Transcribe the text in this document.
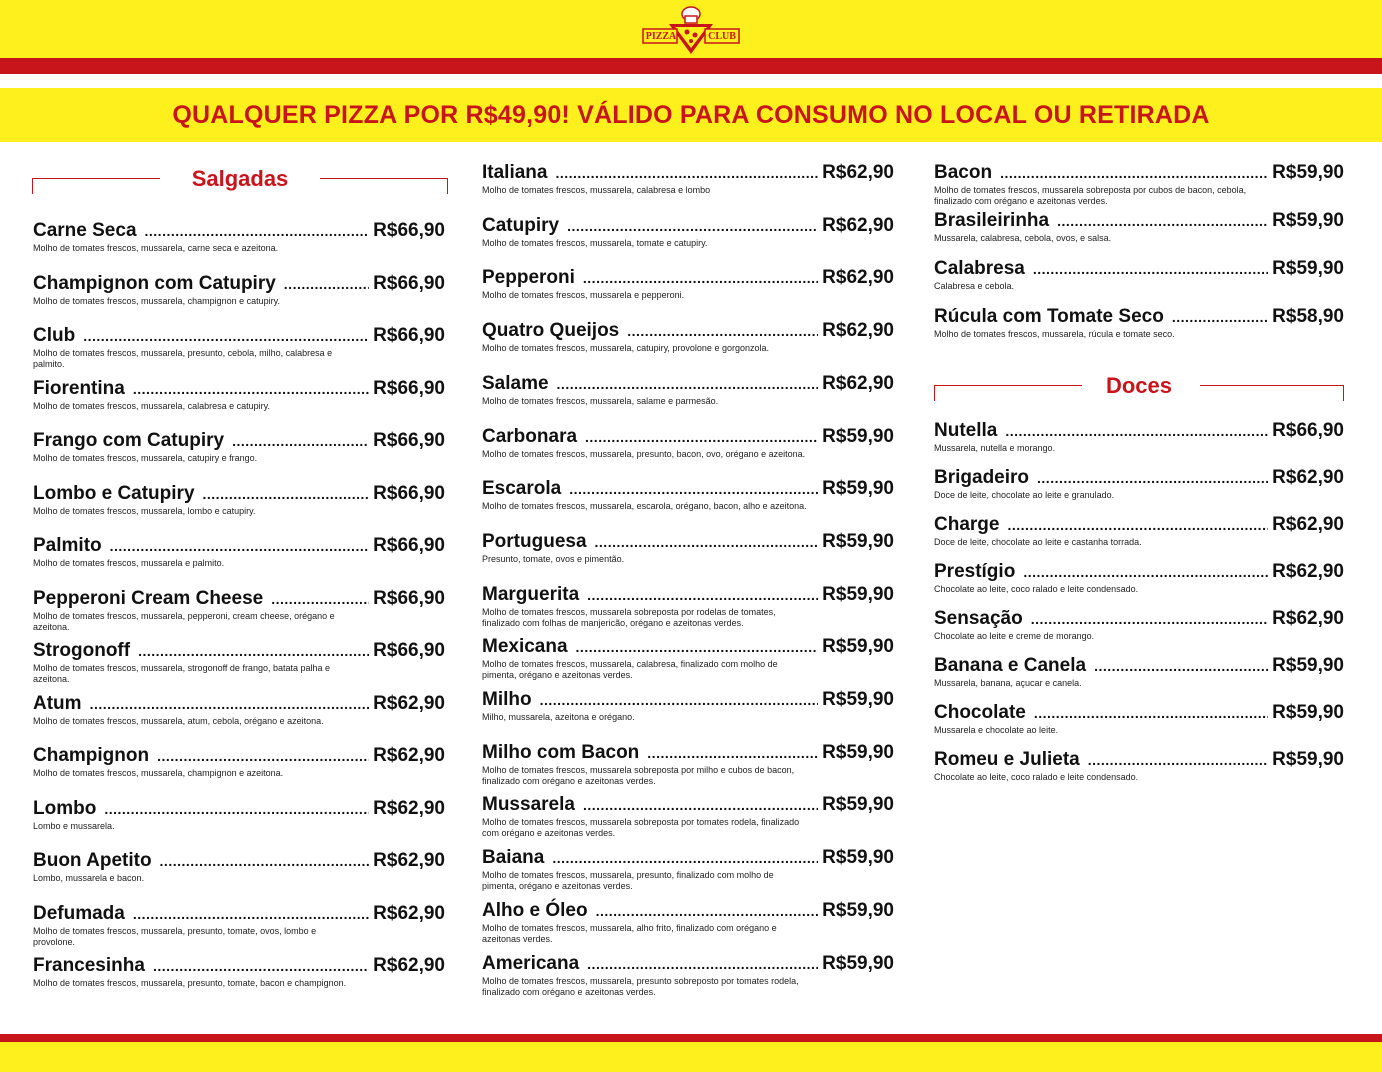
PIZZA	CLUB
QUALQUER PIZZA POR R$49,90! VÁLIDO PARA CONSUMO NO LOCAL OU RETIRADA
Salgadas
Doces
Carne Seca .....	R$66,90
Molho de tomates frescos, mussarela, carne seca e azeitona.
Champignon com Catupiry .....	R$66,90
Molho de tomates frescos, mussarela, champignon e catupiry.
Club .....	R$66,90
Molho de tomates frescos, mussarela, presunto, cebola, milho, calabresa e palmito.
Fiorentina .....	R$66,90
Molho de tomates frescos, mussarela, calabresa e catupiry.
Frango com Catupiry .....	R$66,90
Molho de tomates frescos, mussarela, catupiry e frango.
Lombo e Catupiry .....	R$66,90
Molho de tomates frescos, mussarela, lombo e catupiry.
Palmito .....	R$66,90
Molho de tomates frescos, mussarela e palmito.
Pepperoni Cream Cheese .....	R$66,90
Molho de tomates frescos, mussarela, pepperoni, cream cheese, orégano e azeitona.
Strogonoff .....	R$66,90
Molho de tomates frescos, mussarela, strogonoff de frango, batata palha e azeitona.
Atum .....	R$62,90
Molho de tomates frescos, mussarela, atum, cebola, orégano e azeitona.
Champignon .....	R$62,90
Molho de tomates frescos, mussarela, champignon e azeitona.
Lombo .....	R$62,90
Lombo e mussarela.
Buon Apetito .....	R$62,90
Lombo, mussarela e bacon.
Defumada .....	R$62,90
Molho de tomates frescos, mussarela, presunto, tomate, ovos, lombo e provolone.
Francesinha .....	R$62,90
Molho de tomates frescos, mussarela, presunto, tomate, bacon e champignon.
Italiana .....	R$62,90
Molho de tomates frescos, mussarela, calabresa e lombo
Catupiry .....	R$62,90
Molho de tomates frescos, mussarela, tomate e catupiry.
Pepperoni .....	R$62,90
Molho de tomates frescos, mussarela e pepperoni.
Quatro Queijos .....	R$62,90
Molho de tomates frescos, mussarela, catupiry, provolone e gorgonzola.
Salame .....	R$62,90
Molho de tomates frescos, mussarela, salame e parmesão.
Carbonara .....	R$59,90
Molho de tomates frescos, mussarela, presunto, bacon, ovo, orégano e azeitona.
Escarola .....	R$59,90
Molho de tomates frescos, mussarela, escarola, orégano, bacon, alho e azeitona.
Portuguesa .....	R$59,90
Presunto, tomate, ovos e pimentão.
Marguerita .....	R$59,90
Molho de tomates frescos, mussarela sobreposta por rodelas de tomates, finalizado com folhas de manjericão, orégano e azeitonas verdes.
Mexicana .....	R$59,90
Molho de tomates frescos, mussarela, calabresa, finalizado com molho de pimenta, orégano e azeitonas verdes.
Milho .....	R$59,90
Milho, mussarela, azeitona e orégano.
Milho com Bacon .....	R$59,90
Molho de tomates frescos, mussarela sobreposta por milho e cubos de bacon, finalizado com orégano e azeitonas verdes.
Mussarela .....	R$59,90
Molho de tomates frescos, mussarela sobreposta por tomates rodela, finalizado com orégano e azeitonas verdes.
Baiana .....	R$59,90
Molho de tomates frescos, mussarela, presunto, finalizado com molho de pimenta, orégano e azeitonas verdes.
Alho e Óleo .....	R$59,90
Molho de tomates frescos, mussarela, alho frito, finalizado com orégano e azeitonas verdes.
Americana .....	R$59,90
Molho de tomates frescos, mussarela, presunto sobreposto por tomates rodela, finalizado com orégano e azeitonas verdes.
Bacon .....	R$59,90
Molho de tomates frescos, mussarela sobreposta por cubos de bacon, cebola, finalizado com orégano e azeitonas verdes.
Brasileirinha .....	R$59,90
Mussarela, calabresa, cebola, ovos, e salsa.
Calabresa .....	R$59,90
Calabresa e cebola.
Rúcula com Tomate Seco .....	R$58,90
Molho de tomates frescos, mussarela, rúcula e tomate seco.
Nutella .....	R$66,90
Mussarela, nutella e morango.
Brigadeiro .....	R$62,90
Doce de leite, chocolate ao leite e granulado.
Charge .....	R$62,90
Doce de leite, chocolate ao leite e castanha torrada.
Prestígio .....	R$62,90
Chocolate ao leite, coco ralado e leite condensado.
Sensação .....	R$62,90
Chocolate ao leite e creme de morango.
Banana e Canela .....	R$59,90
Mussarela, banana, açucar e canela.
Chocolate .....	R$59,90
Mussarela e chocolate ao leite.
Romeu e Julieta .....	R$59,90
Chocolate ao leite, coco ralado e leite condensado.
